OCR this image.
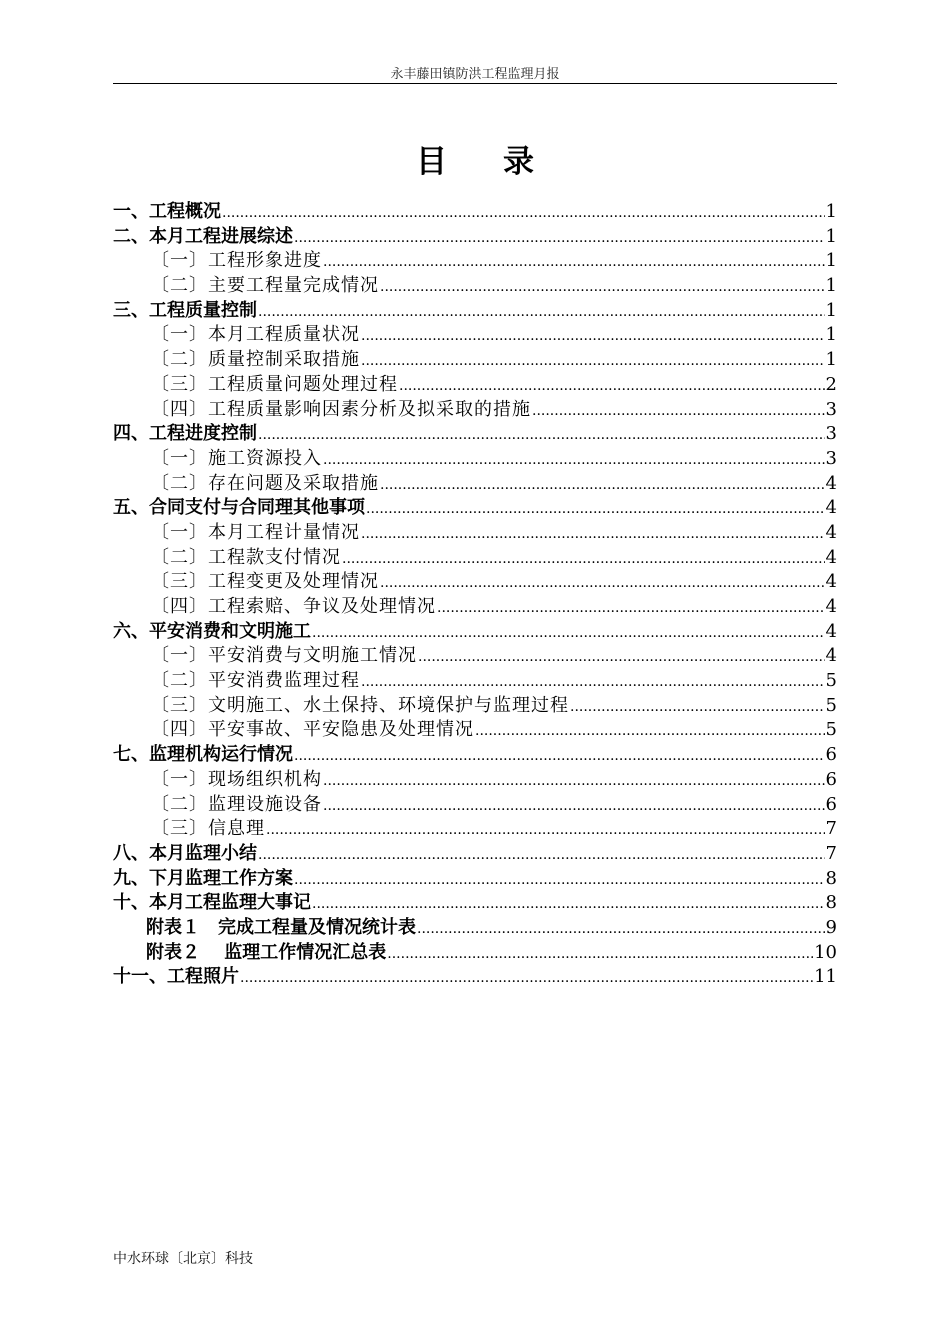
永丰藤田镇防洪工程监理月报
目录
一、工程概况 .....	1
二、本月工程进展综述 .....	1
〔一〕工程形象进度 .....	1
〔二〕主要工程量完成情况 .....	1
三、工程质量控制 .....	1
〔一〕本月工程质量状况 .....	1
〔二〕质量控制采取措施 .....	1
〔三〕工程质量问题处理过程 .....	2
〔四〕工程质量影响因素分析及拟采取的措施 .....	3
四、工程进度控制 .....	3
〔一〕施工资源投入 .....	3
〔二〕存在问题及采取措施 .....	4
五、合同支付与合同理其他事项 .....	4
〔一〕本月工程计量情况 .....	4
〔二〕工程款支付情况 .....	4
〔三〕工程变更及处理情况 .....	4
〔四〕工程索赔、争议及处理情况 .....	4
六、平安消费和文明施工 .....	4
〔一〕平安消费与文明施工情况 .....	4
〔二〕平安消费监理过程 .....	5
〔三〕文明施工、水土保持、环境保护与监理过程 .....	5
〔四〕平安事故、平安隐患及处理情况 .....	5
七、监理机构运行情况 .....	6
〔一〕现场组织机构 .....	6
〔二〕监理设施设备 .....	6
〔三〕信息理 .....	7
八、本月监理小结 .....	7
九、下月监理工作方案 .....	8
十、本月工程监理大事记 .....	8
附表１　完成工程量及情况统计表 .....	9
附表２　 监理工作情况汇总表 .....	10
十一、工程照片 .....	11
中水环球〔北京〕科技
